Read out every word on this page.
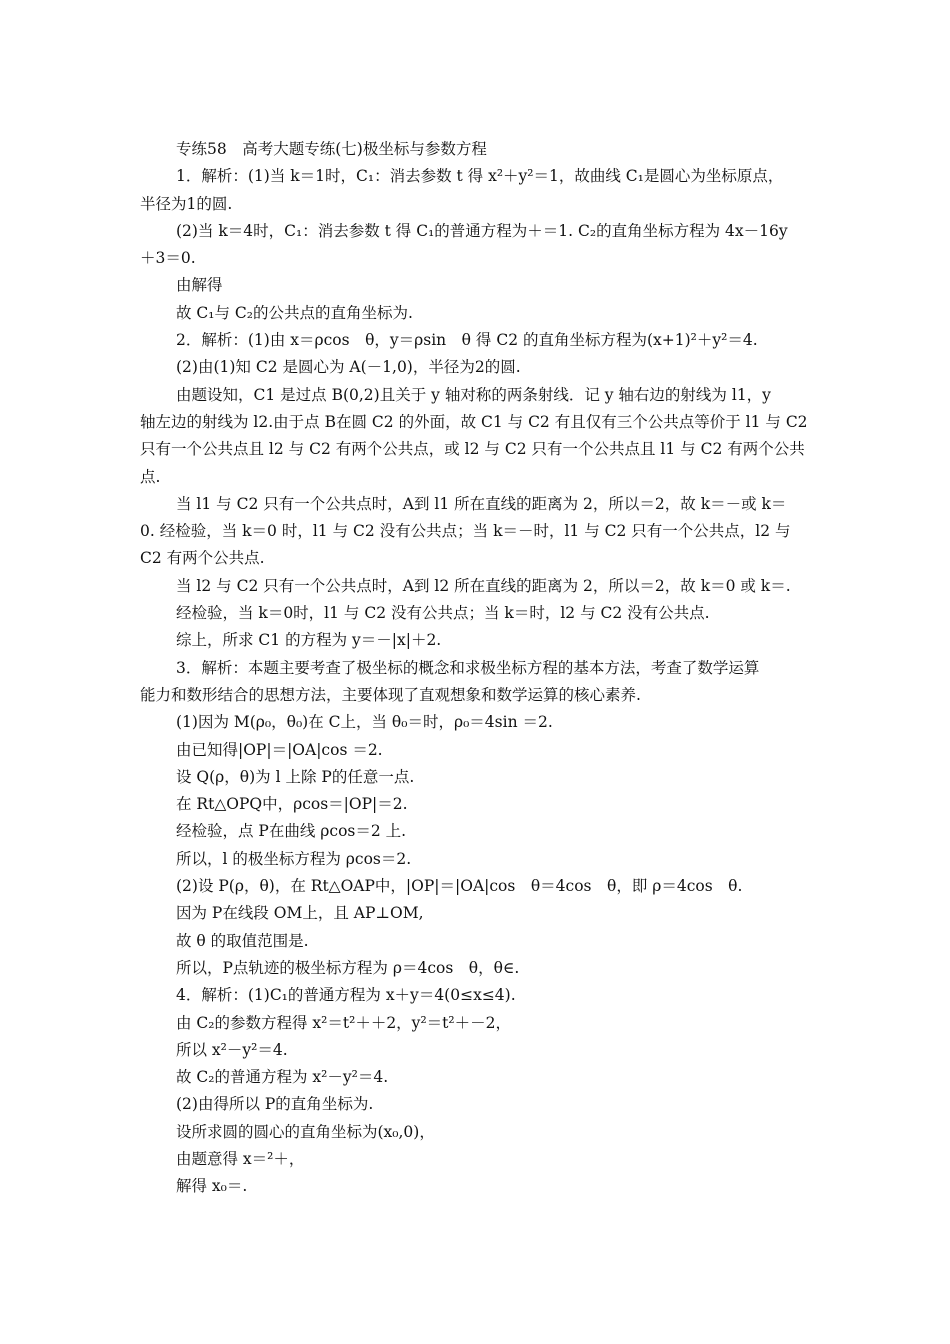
专练58　高考大题专练(七)极坐标与参数方程
1．解析：(1)当 k＝1时，C₁：消去参数 t 得 x²＋y²＝1，故曲线 C₁是圆心为坐标原点，
半径为1的圆.
(2)当 k＝4时，C₁：消去参数 t 得 C₁的普通方程为＋＝1. C₂的直角坐标方程为 4x－16y
＋3＝0.
由解得
故 C₁与 C₂的公共点的直角坐标为.
2．解析：(1)由 x＝ρcos　θ，y＝ρsin　θ 得 C2 的直角坐标方程为(x+1)²＋y²＝4.
(2)由(1)知 C2 是圆心为 A(－1,0)，半径为2的圆.
由题设知，C1 是过点 B(0,2)且关于 y 轴对称的两条射线．记 y 轴右边的射线为 l1，y
轴左边的射线为 l2.由于点 B在圆 C2 的外面，故 C1 与 C2 有且仅有三个公共点等价于 l1 与 C2
只有一个公共点且 l2 与 C2 有两个公共点，或 l2 与 C2 只有一个公共点且 l1 与 C2 有两个公共
点.
当 l1 与 C2 只有一个公共点时，A到 l1 所在直线的距离为 2，所以＝2，故 k＝－或 k＝
0. 经检验，当 k＝0 时，l1 与 C2 没有公共点；当 k＝－时，l1 与 C2 只有一个公共点，l2 与
C2 有两个公共点.
当 l2 与 C2 只有一个公共点时，A到 l2 所在直线的距离为 2，所以＝2，故 k＝0 或 k＝.
经检验，当 k＝0时，l1 与 C2 没有公共点；当 k＝时，l2 与 C2 没有公共点.
综上，所求 C1 的方程为 y＝－|x|＋2.
3．解析：本题主要考查了极坐标的概念和求极坐标方程的基本方法，考查了数学运算
能力和数形结合的思想方法，主要体现了直观想象和数学运算的核心素养.
(1)因为 M(ρ₀，θ₀)在 C上，当 θ₀＝时，ρ₀＝4sin ＝2.
由已知得|OP|＝|OA|cos ＝2.
设 Q(ρ，θ)为 l 上除 P的任意一点.
在 Rt△OPQ中，ρcos＝|OP|＝2.
经检验，点 P在曲线 ρcos＝2 上.
所以，l 的极坐标方程为 ρcos＝2.
(2)设 P(ρ，θ)，在 Rt△OAP中，|OP|＝|OA|cos　θ＝4cos　θ，即 ρ＝4cos　θ.
因为 P在线段 OM上，且 AP⊥OM,
故 θ 的取值范围是.
所以，P点轨迹的极坐标方程为 ρ＝4cos　θ，θ∈.
4．解析：(1)C₁的普通方程为 x＋y＝4(0≤x≤4).
由 C₂的参数方程得 x²＝t²＋＋2，y²＝t²＋－2，
所以 x²－y²＝4.
故 C₂的普通方程为 x²－y²＝4.
(2)由得所以 P的直角坐标为.
设所求圆的圆心的直角坐标为(x₀,0)，
由题意得 x＝²＋，
解得 x₀＝.
